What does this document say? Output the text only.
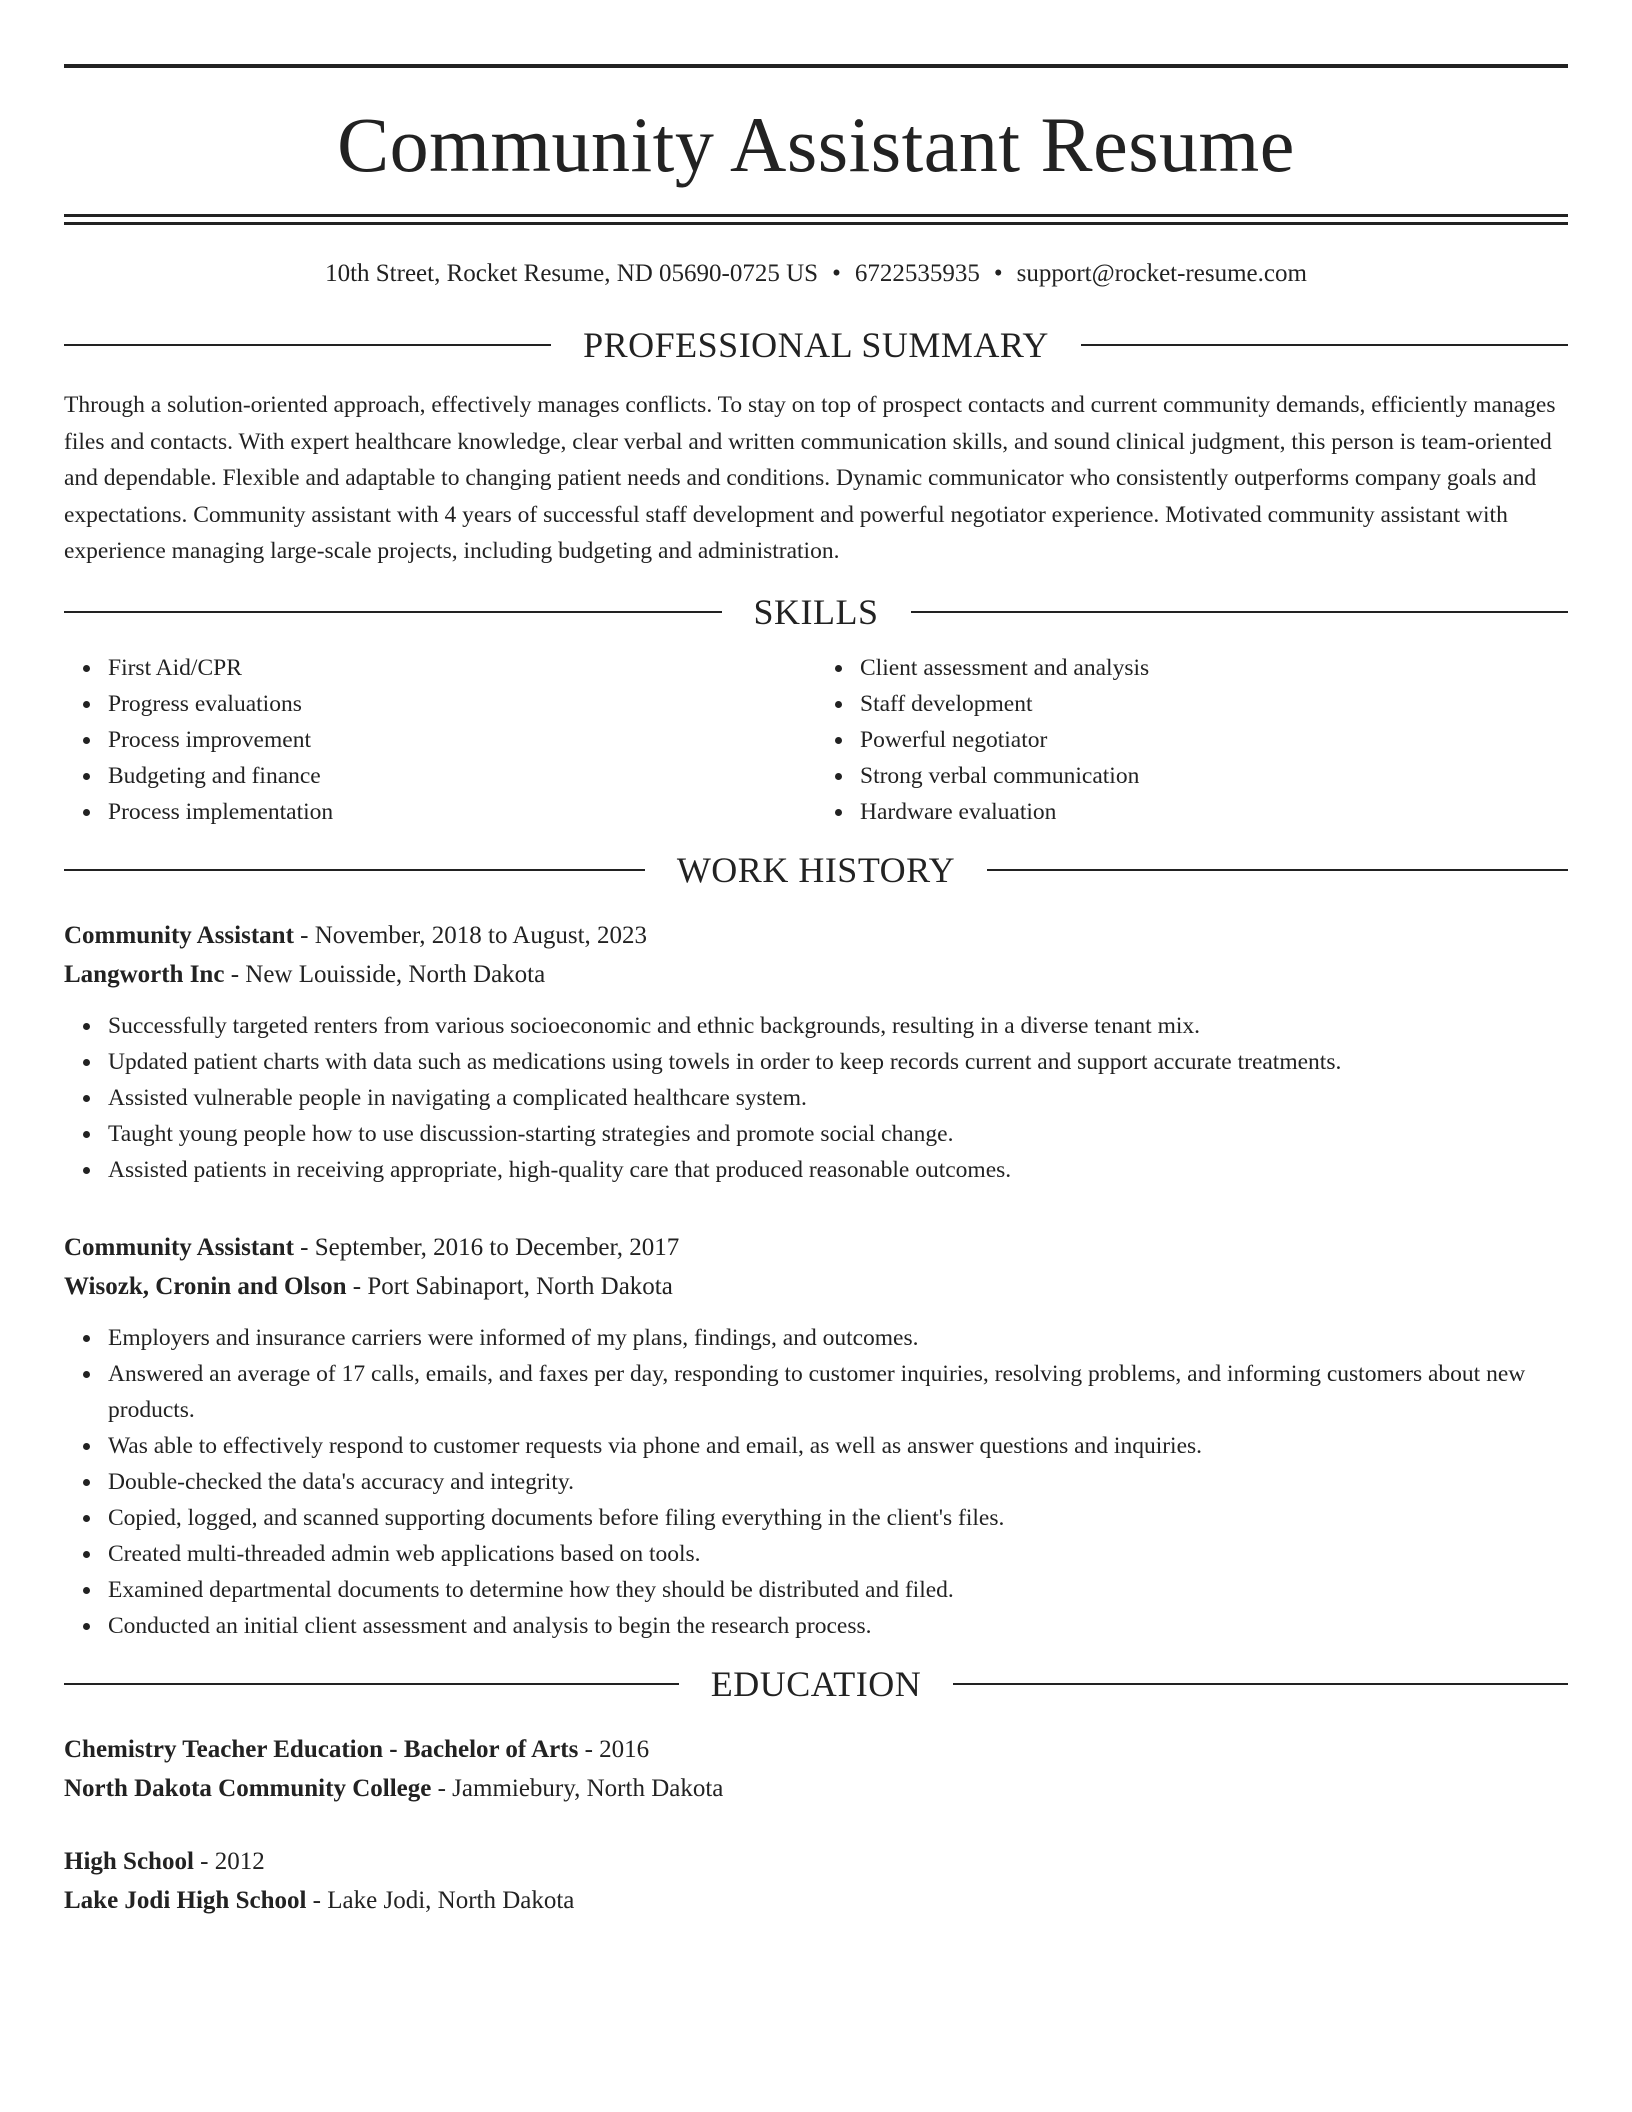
Community Assistant Resume
10th Street, Rocket Resume, ND 05690-0725 US • 6722535935 • support@rocket-resume.com
PROFESSIONAL SUMMARY
Through a solution-oriented approach, effectively manages conflicts. To stay on top of prospect contacts and current community demands, efficiently manages files and contacts. With expert healthcare knowledge, clear verbal and written communication skills, and sound clinical judgment, this person is team-oriented and dependable. Flexible and adaptable to changing patient needs and conditions. Dynamic communicator who consistently outperforms company goals and expectations. Community assistant with 4 years of successful staff development and powerful negotiator experience. Motivated community assistant with experience managing large-scale projects, including budgeting and administration.
SKILLS
First Aid/CPR
Progress evaluations
Process improvement
Budgeting and finance
Process implementation
Client assessment and analysis
Staff development
Powerful negotiator
Strong verbal communication
Hardware evaluation
WORK HISTORY
Community Assistant - November, 2018 to August, 2023
Langworth Inc - New Louisside, North Dakota
Successfully targeted renters from various socioeconomic and ethnic backgrounds, resulting in a diverse tenant mix.
Updated patient charts with data such as medications using towels in order to keep records current and support accurate treatments.
Assisted vulnerable people in navigating a complicated healthcare system.
Taught young people how to use discussion-starting strategies and promote social change.
Assisted patients in receiving appropriate, high-quality care that produced reasonable outcomes.
Community Assistant - September, 2016 to December, 2017
Wisozk, Cronin and Olson - Port Sabinaport, North Dakota
Employers and insurance carriers were informed of my plans, findings, and outcomes.
Answered an average of 17 calls, emails, and faxes per day, responding to customer inquiries, resolving problems, and informing customers about new products.
Was able to effectively respond to customer requests via phone and email, as well as answer questions and inquiries.
Double-checked the data's accuracy and integrity.
Copied, logged, and scanned supporting documents before filing everything in the client's files.
Created multi-threaded admin web applications based on tools.
Examined departmental documents to determine how they should be distributed and filed.
Conducted an initial client assessment and analysis to begin the research process.
EDUCATION
Chemistry Teacher Education - Bachelor of Arts - 2016
North Dakota Community College - Jammiebury, North Dakota
High School - 2012
Lake Jodi High School - Lake Jodi, North Dakota
